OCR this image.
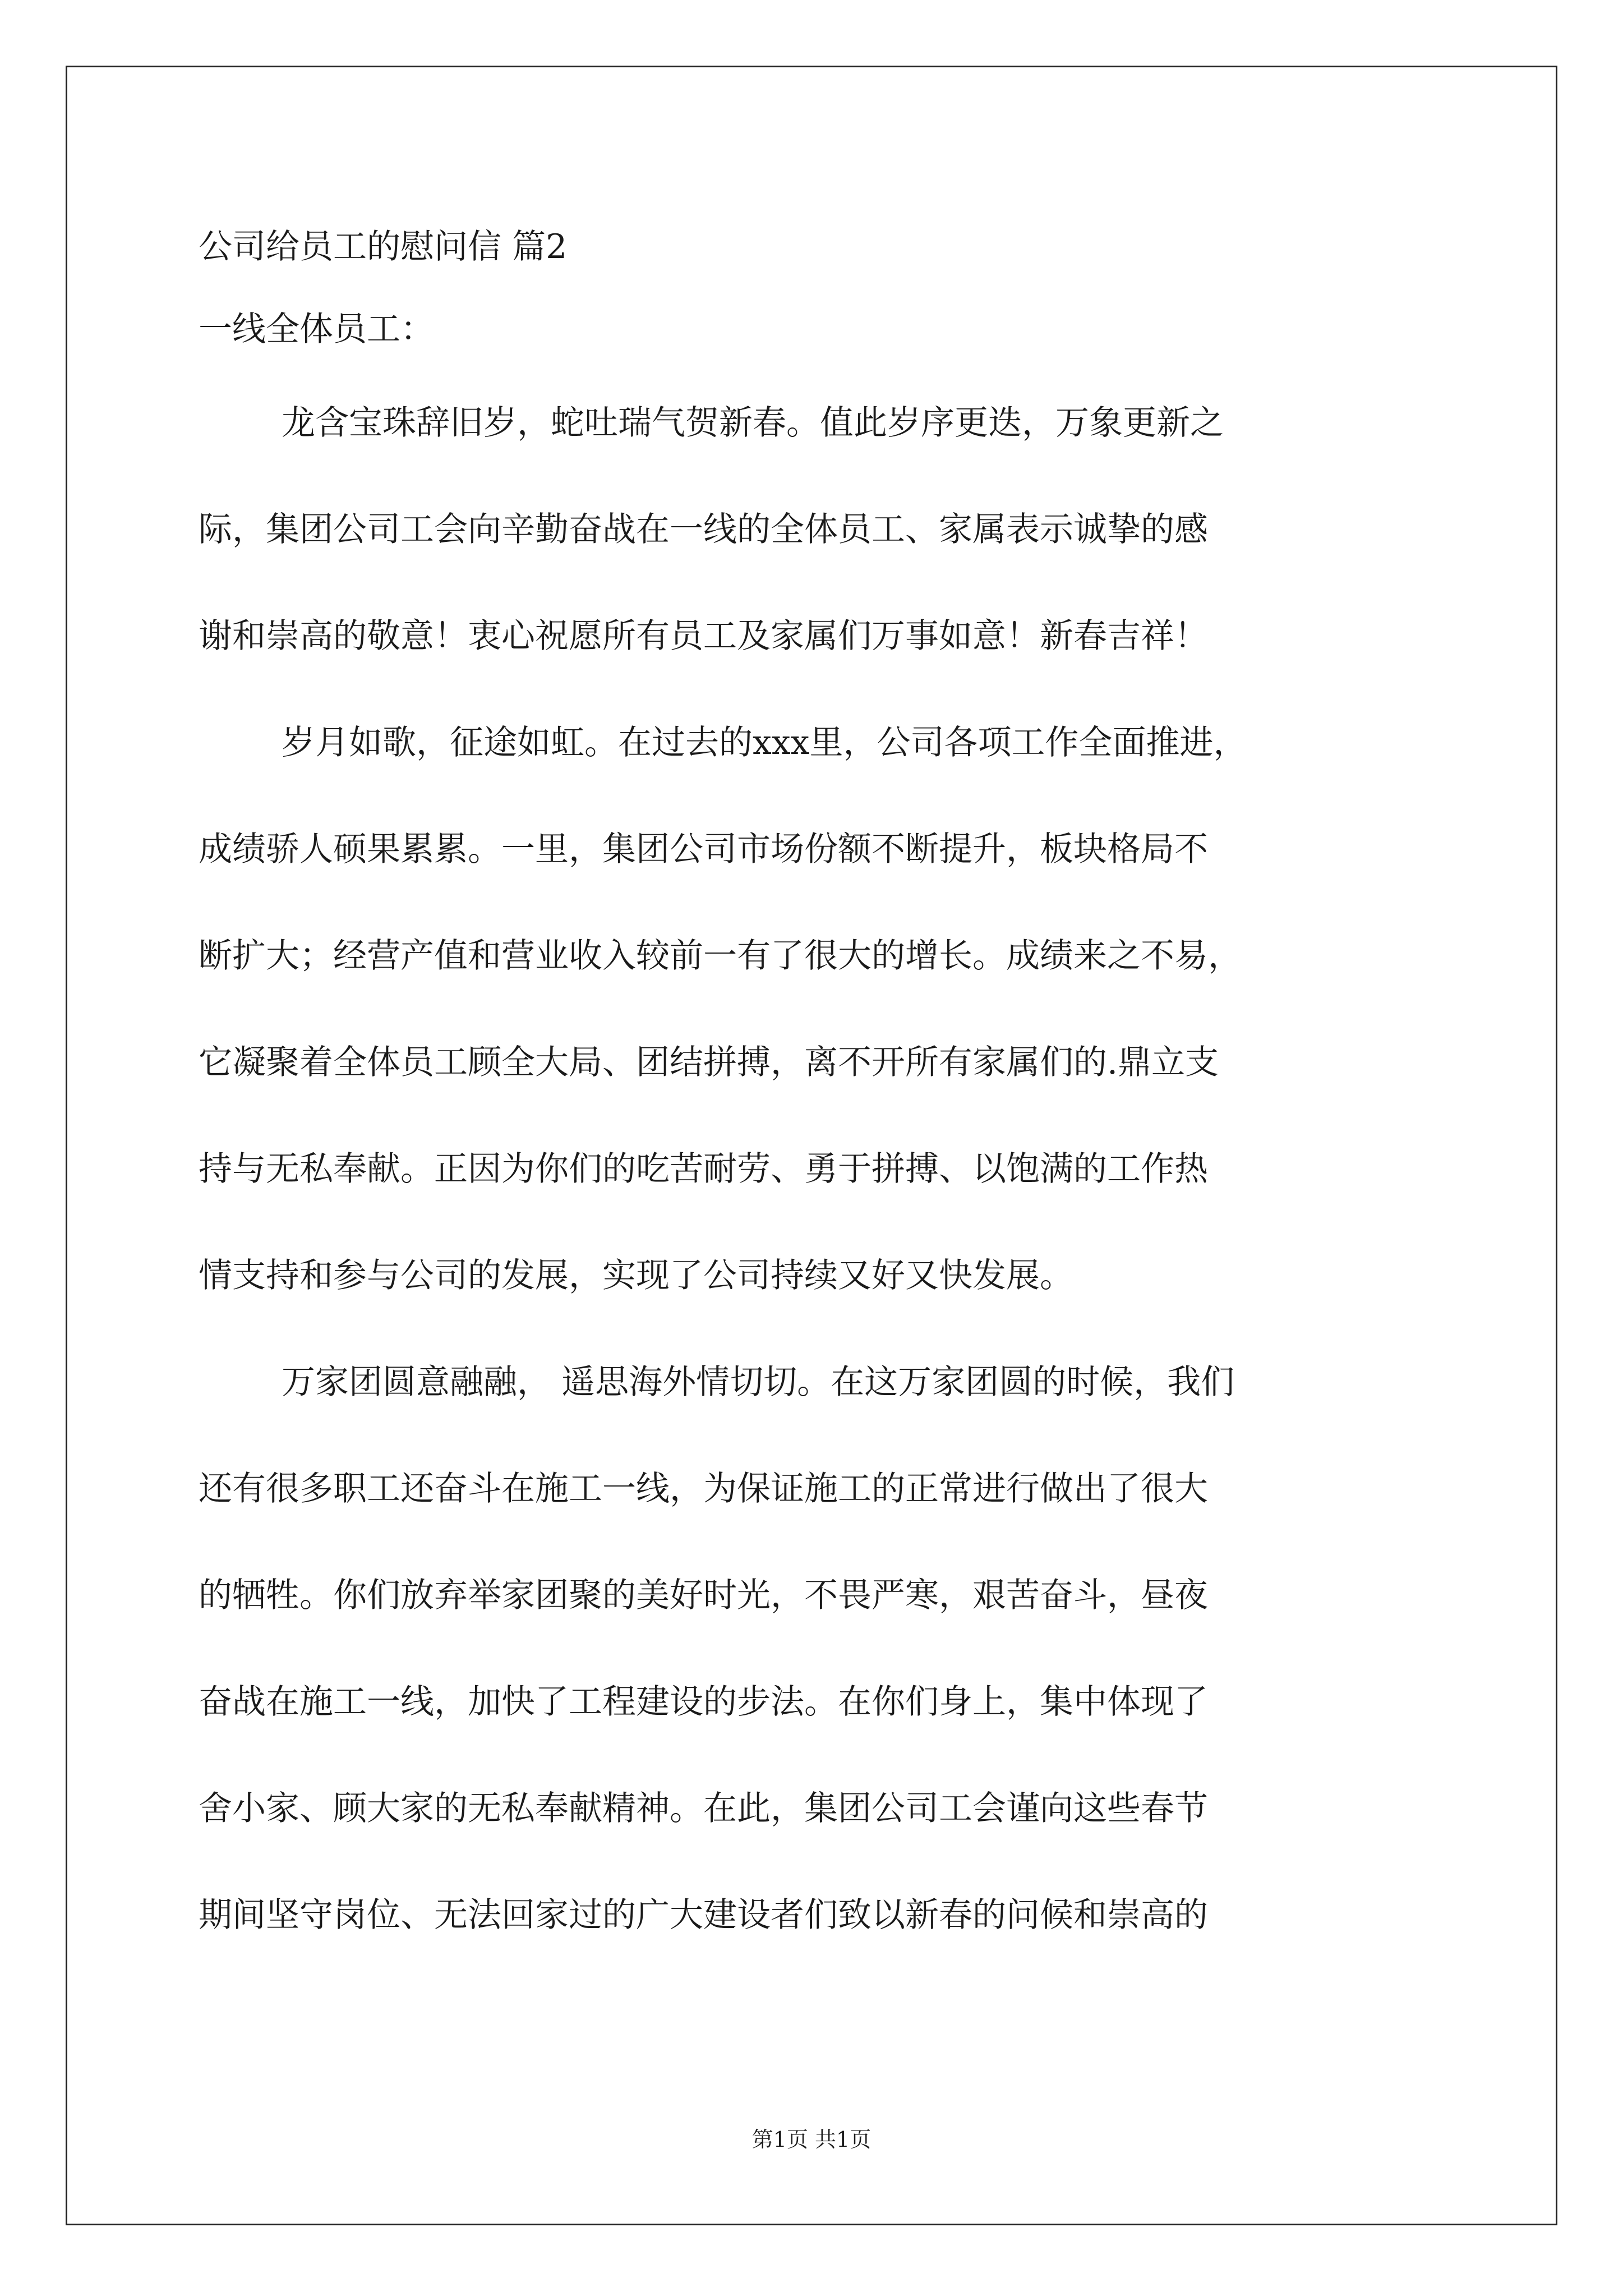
公司给员工的慰问信 篇2
一线全体员工：
龙含宝珠辞旧岁，蛇吐瑞气贺新春。值此岁序更迭，万象更新之
际，集团公司工会向辛勤奋战在一线的全体员工、家属表示诚挚的感
谢和崇高的敬意！衷心祝愿所有员工及家属们万事如意！新春吉祥！
岁月如歌，征途如虹。在过去的xxx里，公司各项工作全面推进，
成绩骄人硕果累累。一里，集团公司市场份额不断提升，板块格局不
断扩大；经营产值和营业收入较前一有了很大的增长。成绩来之不易，
它凝聚着全体员工顾全大局、团结拼搏，离不开所有家属们的.鼎立支
持与无私奉献。正因为你们的吃苦耐劳、勇于拼搏、以饱满的工作热
情支持和参与公司的发展，实现了公司持续又好又快发展。
万家团圆意融融， 遥思海外情切切。在这万家团圆的时候，我们
还有很多职工还奋斗在施工一线，为保证施工的正常进行做出了很大
的牺牲。你们放弃举家团聚的美好时光，不畏严寒，艰苦奋斗，昼夜
奋战在施工一线，加快了工程建设的步法。在你们身上，集中体现了
舍小家、顾大家的无私奉献精神。在此，集团公司工会谨向这些春节
期间坚守岗位、无法回家过的广大建设者们致以新春的问候和崇高的
第1页 共1页
